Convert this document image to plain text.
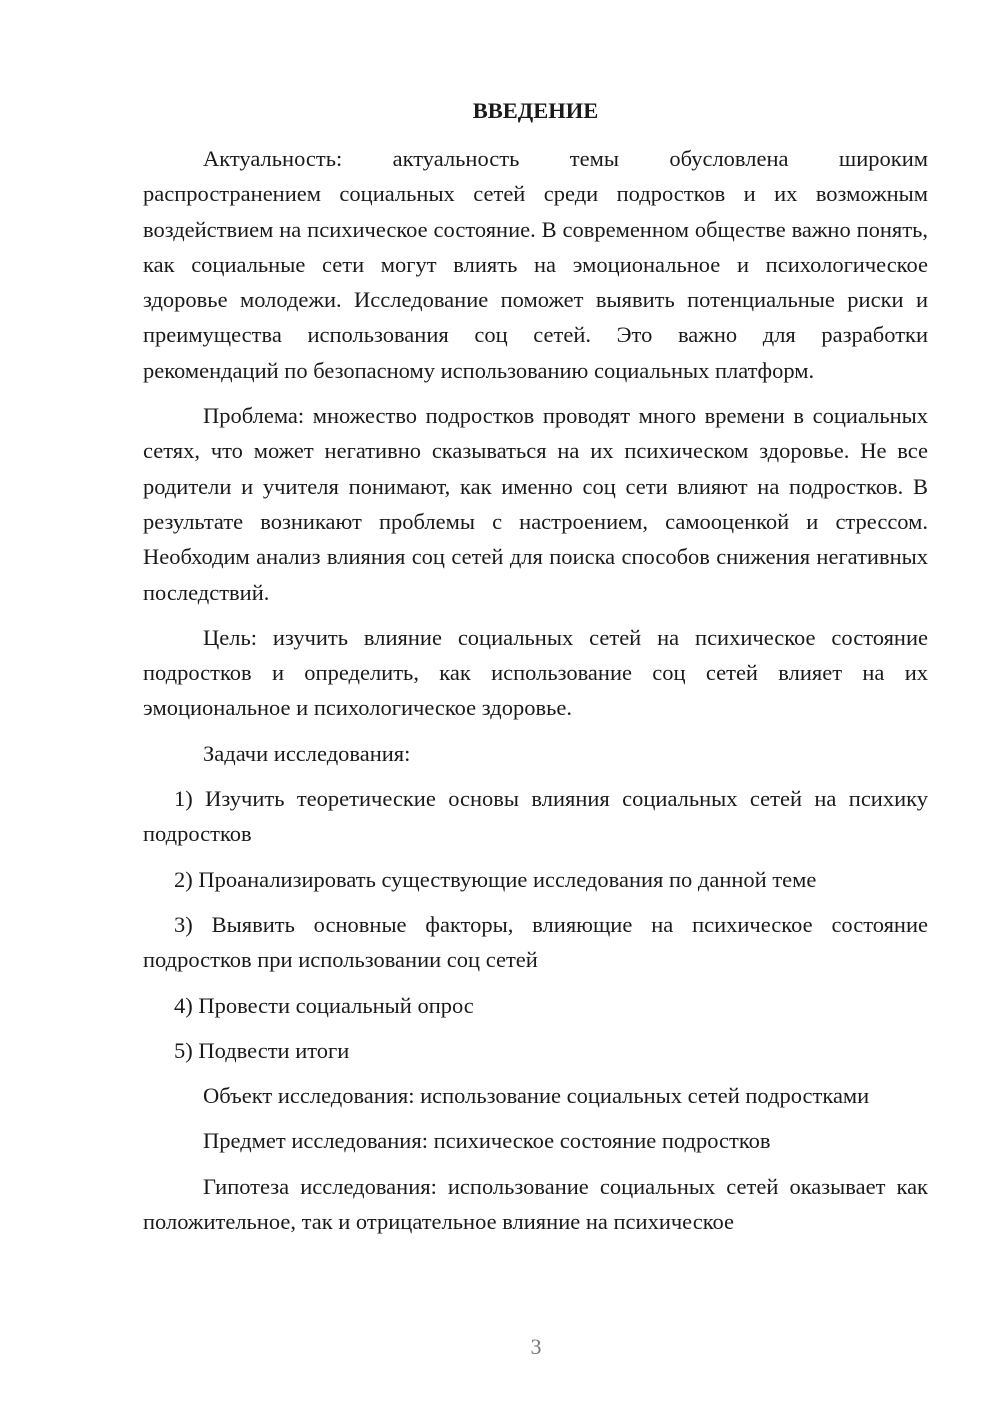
ВВЕДЕНИЕ

Актуальность: актуальность темы обусловлена широким распространением социальных сетей среди подростков и их возможным воздействием на психическое состояние. В современном обществе важно понять, как социальные сети могут влиять на эмоциональное и психологическое здоровье молодежи. Исследование поможет выявить потенциальные риски и преимущества использования соц сетей. Это важно для разработки рекомендаций по безопасному использованию социальных платформ.

Проблема: множество подростков проводят много времени в социальных сетях, что может негативно сказываться на их психическом здоровье. Не все родители и учителя понимают, как именно соц сети влияют на подростков. В результате возникают проблемы с настроением, самооценкой и стрессом. Необходим анализ влияния соц сетей для поиска способов снижения негативных последствий.

Цель: изучить влияние социальных сетей на психическое состояние подростков и определить, как использование соц сетей влияет на их эмоциональное и психологическое здоровье.

Задачи исследования:

1) Изучить теоретические основы влияния социальных сетей на психику подростков

2) Проанализировать существующие исследования по данной теме

3) Выявить основные факторы, влияющие на психическое состояние подростков при использовании соц сетей

4) Провести социальный опрос

5) Подвести итоги

Объект исследования: использование социальных сетей подростками

Предмет исследования: психическое состояние подростков

Гипотеза исследования: использование социальных сетей оказывает как положительное, так и отрицательное влияние на психическое

3
